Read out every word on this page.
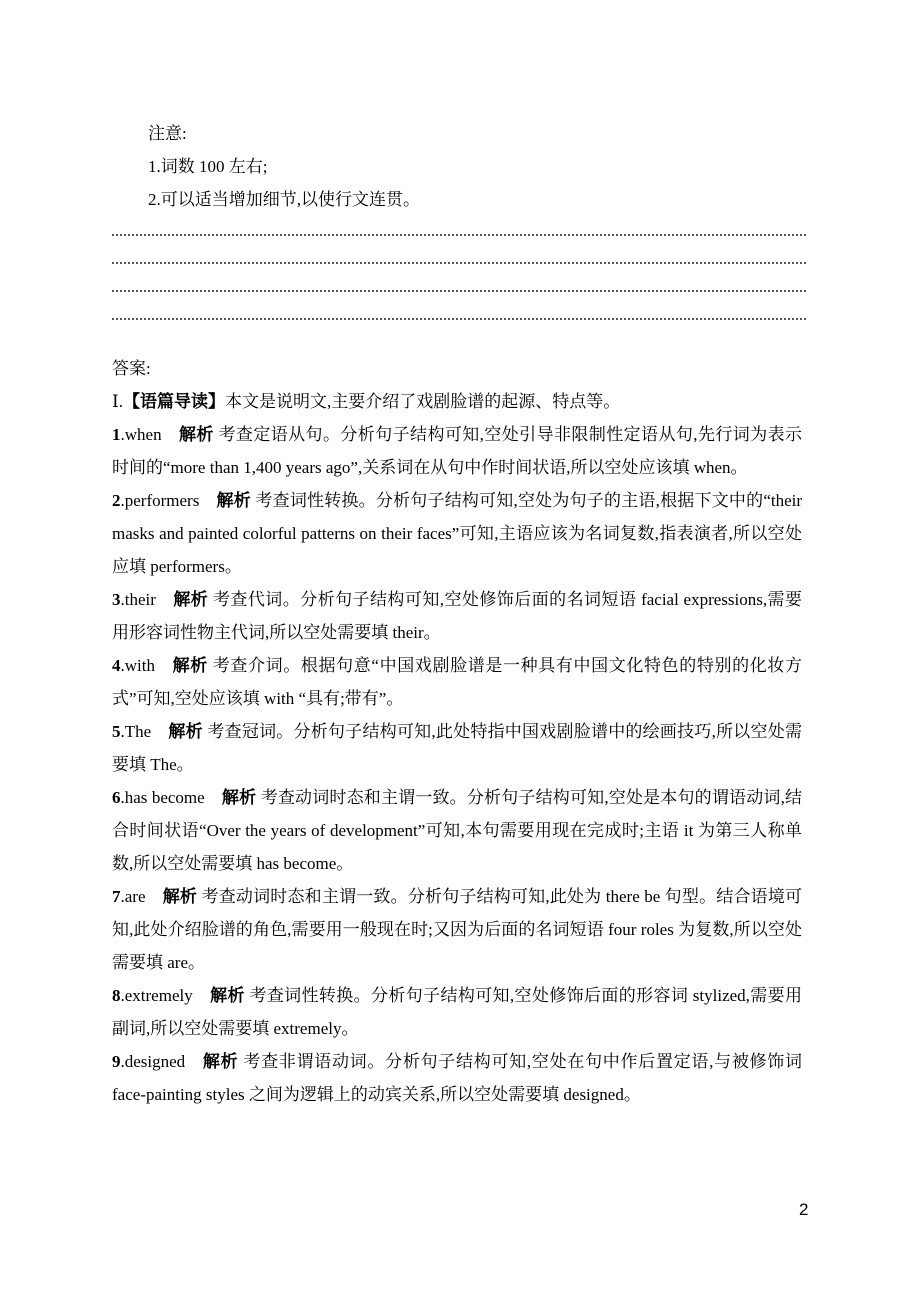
注意:
1.词数 100 左右;
2.可以适当增加细节,以使行文连贯。

答案:

Ⅰ.【语篇导读】本文是说明文,主要介绍了戏剧脸谱的起源、特点等。

1.when 解析 考查定语从句。分析句子结构可知,空处引导非限制性定语从句,先行词为表示时间的“more than 1,400 years ago”,关系词在从句中作时间状语,所以空处应该填 when。

2.performers 解析 考查词性转换。分析句子结构可知,空处为句子的主语,根据下文中的“their masks and painted colorful patterns on their faces”可知,主语应该为名词复数,指表演者,所以空处应填 performers。

3.their 解析 考查代词。分析句子结构可知,空处修饰后面的名词短语 facial expressions,需要用形容词性物主代词,所以空处需要填 their。

4.with 解析 考查介词。根据句意“中国戏剧脸谱是一种具有中国文化特色的特别的化妆方式”可知,空处应该填 with “具有;带有”。

5.The 解析 考查冠词。分析句子结构可知,此处特指中国戏剧脸谱中的绘画技巧,所以空处需要填 The。

6.has become 解析 考查动词时态和主谓一致。分析句子结构可知,空处是本句的谓语动词,结合时间状语“Over the years of development”可知,本句需要用现在完成时;主语 it 为第三人称单数,所以空处需要填 has become。

7.are 解析 考查动词时态和主谓一致。分析句子结构可知,此处为 there be 句型。结合语境可知,此处介绍脸谱的角色,需要用一般现在时;又因为后面的名词短语 four roles 为复数,所以空处需要填 are。

8.extremely 解析 考查词性转换。分析句子结构可知,空处修饰后面的形容词 stylized,需要用副词,所以空处需要填 extremely。

9.designed 解析 考查非谓语动词。分析句子结构可知,空处在句中作后置定语,与被修饰词 face-painting styles 之间为逻辑上的动宾关系,所以空处需要填 designed。

2
